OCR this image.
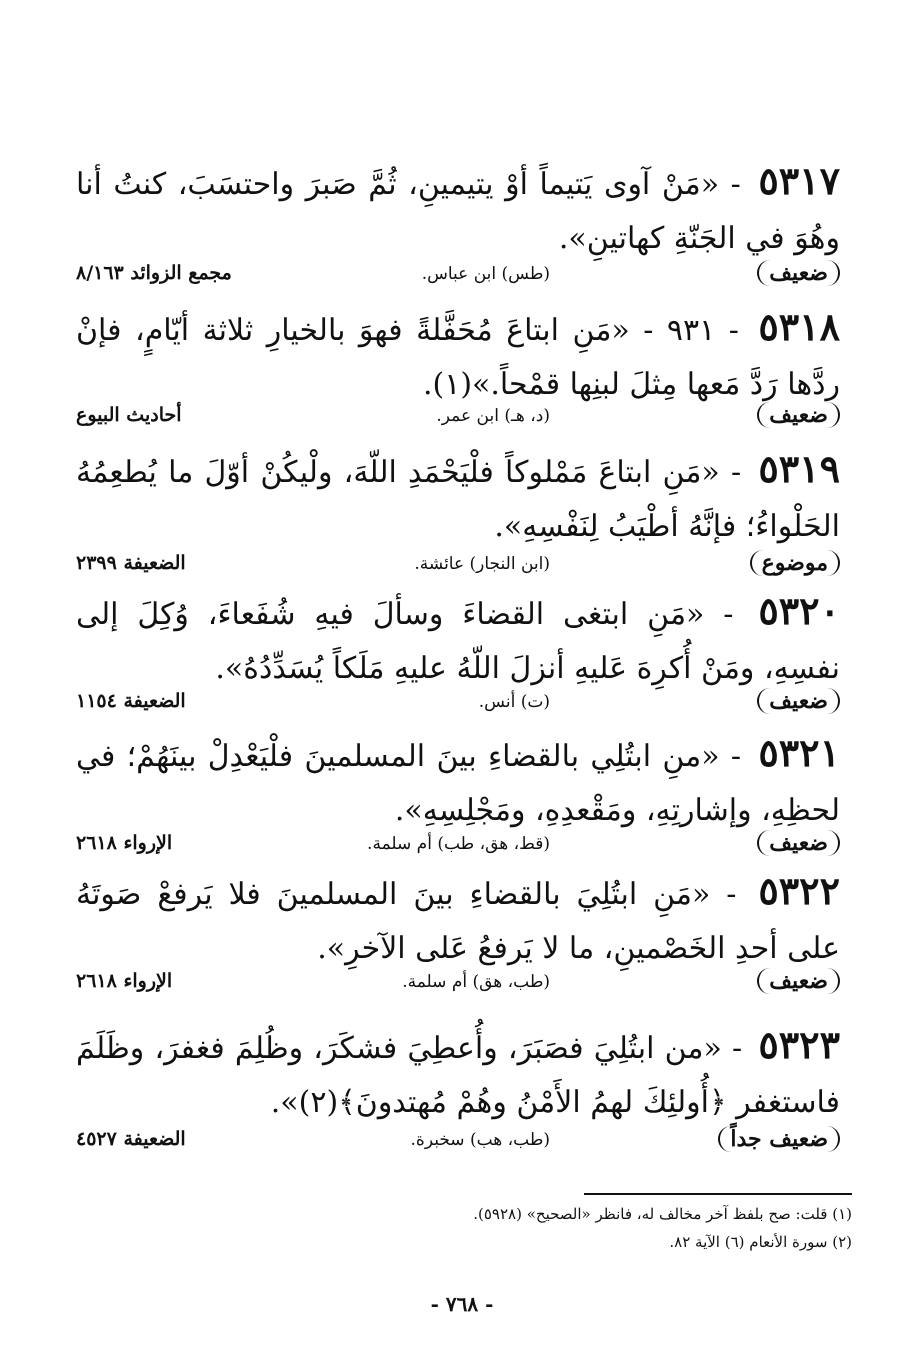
٥٣١٧ - «مَنْ آوى يَتيماً أوْ يتيمينِ، ثُمَّ صَبرَ واحتسَبَ، كنتُ أنا وهُوَ في الجَنّةِ كهاتينِ».

ضعيف
(طس) ابن عباس.
مجمع الزوائد ٨/١٦٣

٥٣١٨ - ٩٣١ - «مَنِ ابتاعَ مُحَفَّلةً فهوَ بالخيارِ ثلاثة أيّامٍ، فإنْ ردَّها رَدَّ مَعها مِثلَ لبنِها قمْحاً.»(١).

ضعيف
(د، هـ) ابن عمر.
أحاديث البيوع

٥٣١٩ - «مَنِ ابتاعَ مَمْلوكاً فلْيَحْمَدِ اللّهَ، ولْيكُنْ أوّلَ ما يُطعِمُهُ الحَلْواءُ؛ فإنَّهُ أطْيَبُ لِنَفْسِهِ».

موضوع
(ابن النجار) عائشة.
الضعيفة ٢٣٩٩

٥٣٢٠ - «مَنِ ابتغى القضاءَ وسألَ فيهِ شُفَعاءَ، وُكِلَ إلى نفسِهِ، ومَنْ أُكرِهَ عَليهِ أنزلَ اللّهُ عليهِ مَلَكاً يُسَدِّدُهُ».

ضعيف
(ت) أنس.
الضعيفة ١١٥٤

٥٣٢١ - «منِ ابتُلِي بالقضاءِ بينَ المسلمينَ فلْيَعْدِلْ بينَهُمْ؛ في لحظِهِ، وإشارتِهِ، ومَقْعدِهِ، ومَجْلِسِهِ».

ضعيف
(قط، هق، طب) أم سلمة.
الإرواء ٢٦١٨

٥٣٢٢ - «مَنِ ابتُلِيَ بالقضاءِ بينَ المسلمينَ فلا يَرفعْ صَوتَهُ على أحدِ الخَصْمينِ، ما لا يَرفعُ عَلى الآخرِ».

ضعيف
(طب، هق) أم سلمة.
الإرواء ٢٦١٨

٥٣٢٣ - «من ابتُلِيَ فصَبَرَ، وأُعطِيَ فشكَرَ، وظُلِمَ فغفرَ، وظَلَمَ فاستغفر ﴿أُولئِكَ لهمُ الأَمْنُ وهُمْ مُهتدونَ﴾(٢)».

ضعيف جداً
(طب، هب) سخبرة.
الضعيفة ٤٥٢٧

(١) قلت: صح بلفظ آخر مخالف له، فانظر «الصحيح» (٥٩٢٨).

(٢) سورة الأنعام (٦) الآية ٨٢.

- ٧٦٨ -
